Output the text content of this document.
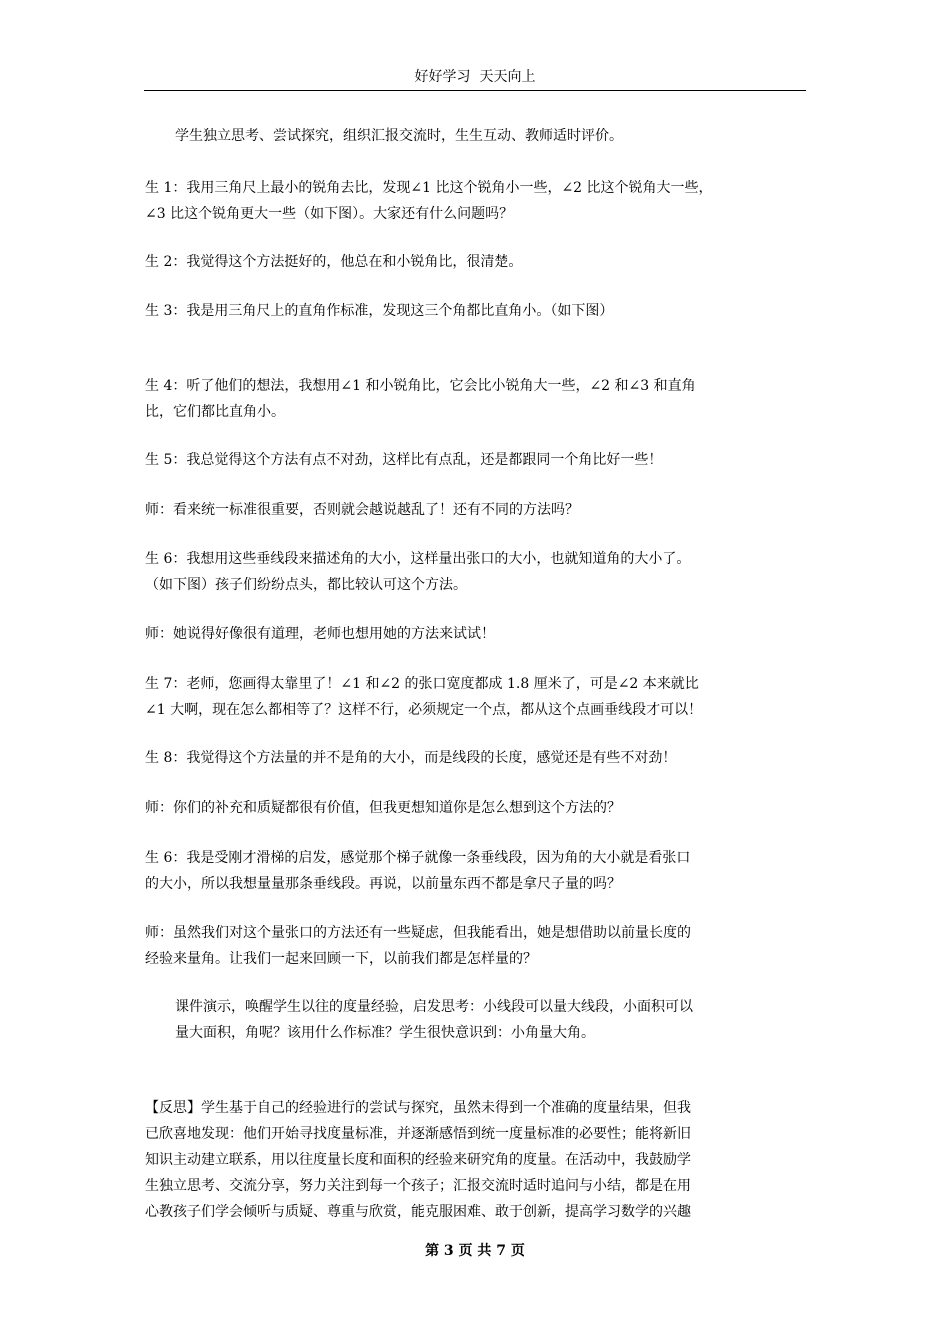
好好学习  天天向上

学生独立思考、尝试探究，组织汇报交流时，生生互动、教师适时评价。

生 1：我用三角尺上最小的锐角去比，发现∠1 比这个锐角小一些，∠2 比这个锐角大一些，
∠3 比这个锐角更大一些（如下图）。大家还有什么问题吗？

生 2：我觉得这个方法挺好的，他总在和小锐角比，很清楚。

生 3：我是用三角尺上的直角作标准，发现这三个角都比直角小。（如下图）

生 4：听了他们的想法，我想用∠1 和小锐角比，它会比小锐角大一些，∠2 和∠3 和直角
比，它们都比直角小。

生 5：我总觉得这个方法有点不对劲，这样比有点乱，还是都跟同一个角比好一些！

师：看来统一标准很重要，否则就会越说越乱了！还有不同的方法吗？

生 6：我想用这些垂线段来描述角的大小，这样量出张口的大小，也就知道角的大小了。
（如下图）孩子们纷纷点头，都比较认可这个方法。

师：她说得好像很有道理，老师也想用她的方法来试试！

生 7：老师，您画得太靠里了！∠1 和∠2 的张口宽度都成 1.8 厘米了，可是∠2 本来就比
∠1 大啊，现在怎么都相等了？这样不行，必须规定一个点，都从这个点画垂线段才可以！

生 8：我觉得这个方法量的并不是角的大小，而是线段的长度，感觉还是有些不对劲！

师：你们的补充和质疑都很有价值，但我更想知道你是怎么想到这个方法的？

生 6：我是受刚才滑梯的启发，感觉那个梯子就像一条垂线段，因为角的大小就是看张口
的大小，所以我想量量那条垂线段。再说，以前量东西不都是拿尺子量的吗？

师：虽然我们对这个量张口的方法还有一些疑虑，但我能看出，她是想借助以前量长度的
经验来量角。让我们一起来回顾一下，以前我们都是怎样量的？

课件演示，唤醒学生以往的度量经验，启发思考：小线段可以量大线段，小面积可以
量大面积，角呢？该用什么作标准？学生很快意识到：小角量大角。

【反思】学生基于自己的经验进行的尝试与探究，虽然未得到一个准确的度量结果，但我
已欣喜地发现：他们开始寻找度量标准，并逐渐感悟到统一度量标准的必要性；能将新旧
知识主动建立联系，用以往度量长度和面积的经验来研究角的度量。在活动中，我鼓励学
生独立思考、交流分享，努力关注到每一个孩子；汇报交流时适时追问与小结，都是在用
心教孩子们学会倾听与质疑、尊重与欣赏，能克服困难、敢于创新，提高学习数学的兴趣

第 3 页 共 7 页
